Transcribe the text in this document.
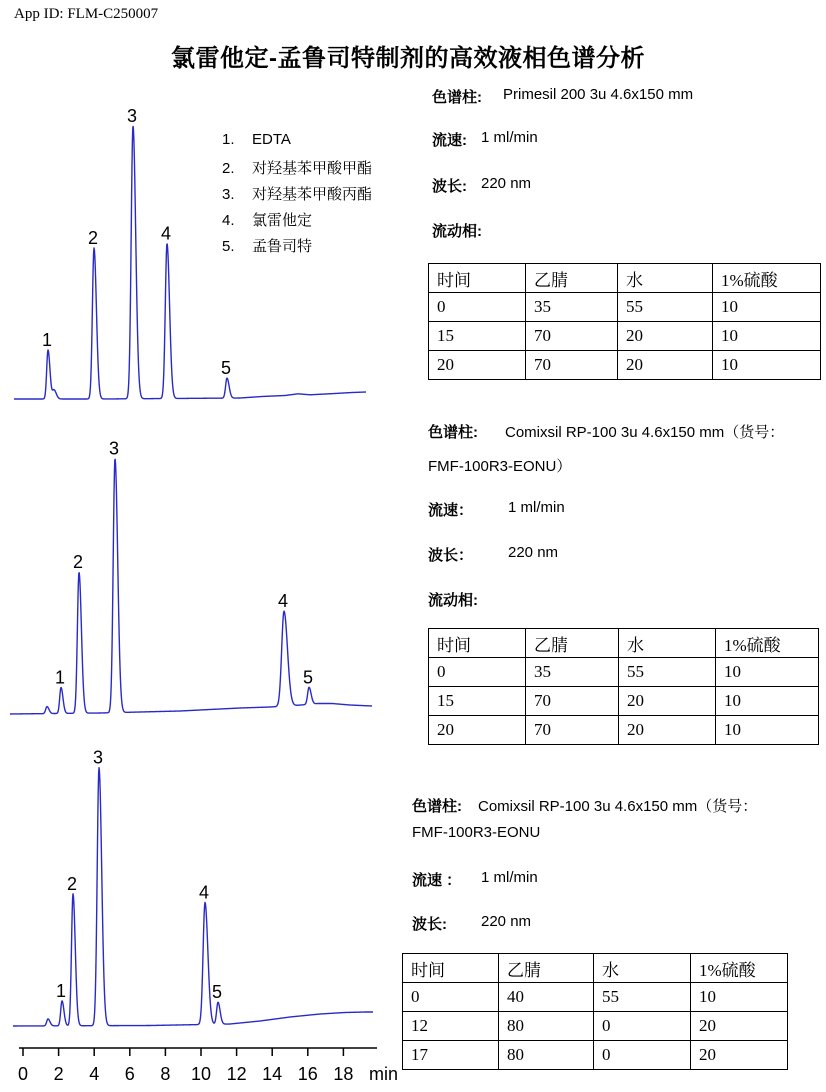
App ID: FLM-C250007
氯雷他定-孟鲁司特制剂的高效液相色谱分析
1
2
3
4
5
1
2
3
4
5
1
2
3
4
5
0 2 4 6 8 10 12 14 16 18 min
1. EDTA
2. 对羟基苯甲酸甲酯
3. 对羟基苯甲酸丙酯
4. 氯雷他定
5. 孟鲁司特
色谱柱: Primesil 200 3u 4.6x150 mm
流速: 1 ml/min
波长: 220 nm
流动相:
时间	乙腈	水	1%硫酸
0	35	55	10
15	70	20	10
20	70	20	10
色谱柱: Comixsil RP-100 3u 4.6x150 mm（货号：
FMF-100R3-EONU）
流速： 1 ml/min
波长： 220 nm
流动相:
时间	乙腈	水	1%硫酸
0	35	55	10
15	70	20	10
20	70	20	10
色谱柱: Comixsil RP-100 3u 4.6x150 mm（货号：
FMF-100R3-EONU
流速 ： 1 ml/min
波长: 220 nm
时间	乙腈	水	1%硫酸
0	40	55	10
12	80	0	20
17	80	0	20
